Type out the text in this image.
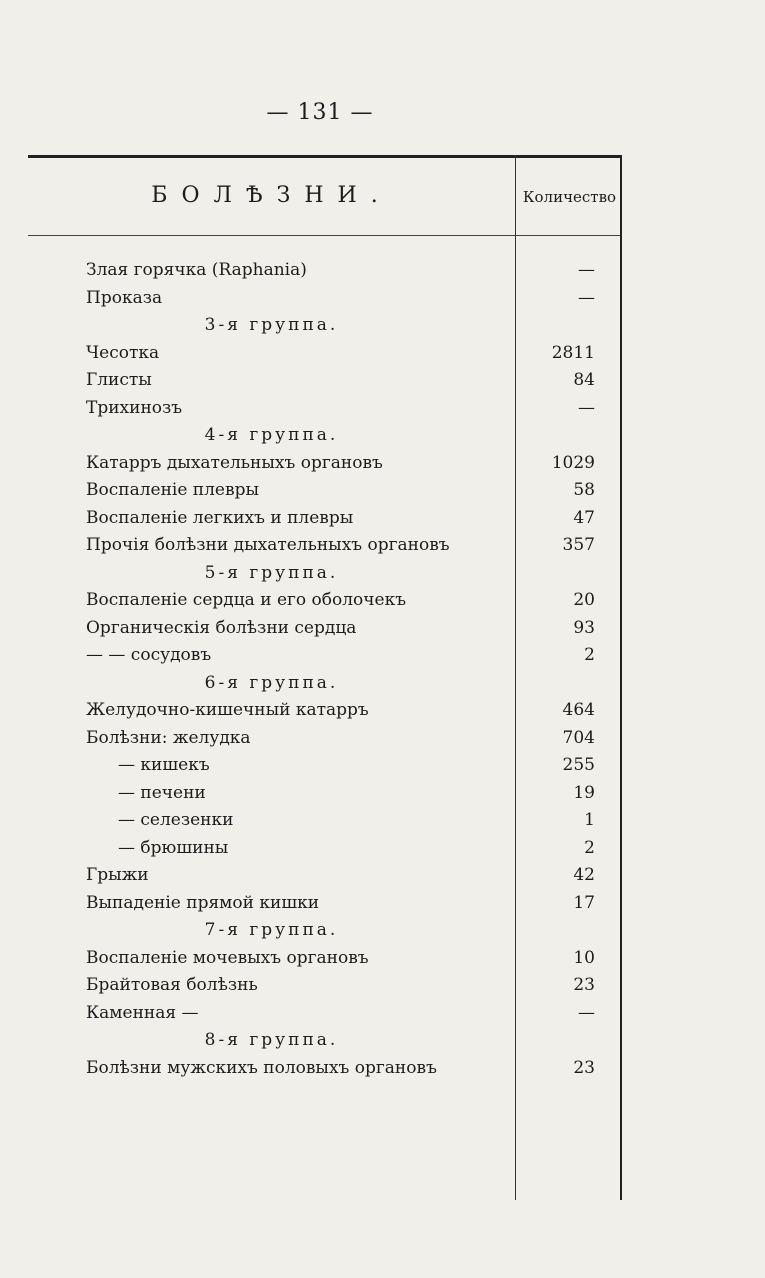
— 131 —
БОЛѢЗНИ.	Количество
Злая горячка (Raphania)	—
Проказа	—
3-я группа.
Чесотка	2811
Глисты	84
Трихинозъ	—
4-я группа.
Катарръ дыхательныхъ органовъ	1029
Воспаленіе плевры	58
Воспаленіе легкихъ и плевры	47
Прочія болѣзни дыхательныхъ органовъ	357
5-я группа.
Воспаленіе сердца и его оболочекъ	20
Органическія болѣзни сердца	93
— — сосудовъ	2
6-я группа.
Желудочно-кишечный катарръ	464
Болѣзни: желудка	704
— кишекъ	255
— печени	19
— селезенки	1
— брюшины	2
Грыжи	42
Выпаденіе прямой кишки	17
7-я группа.
Воспаленіе мочевыхъ органовъ	10
Брайтовая болѣзнь	23
Каменная —	—
8-я группа.
Болѣзни мужскихъ половыхъ органовъ	23
